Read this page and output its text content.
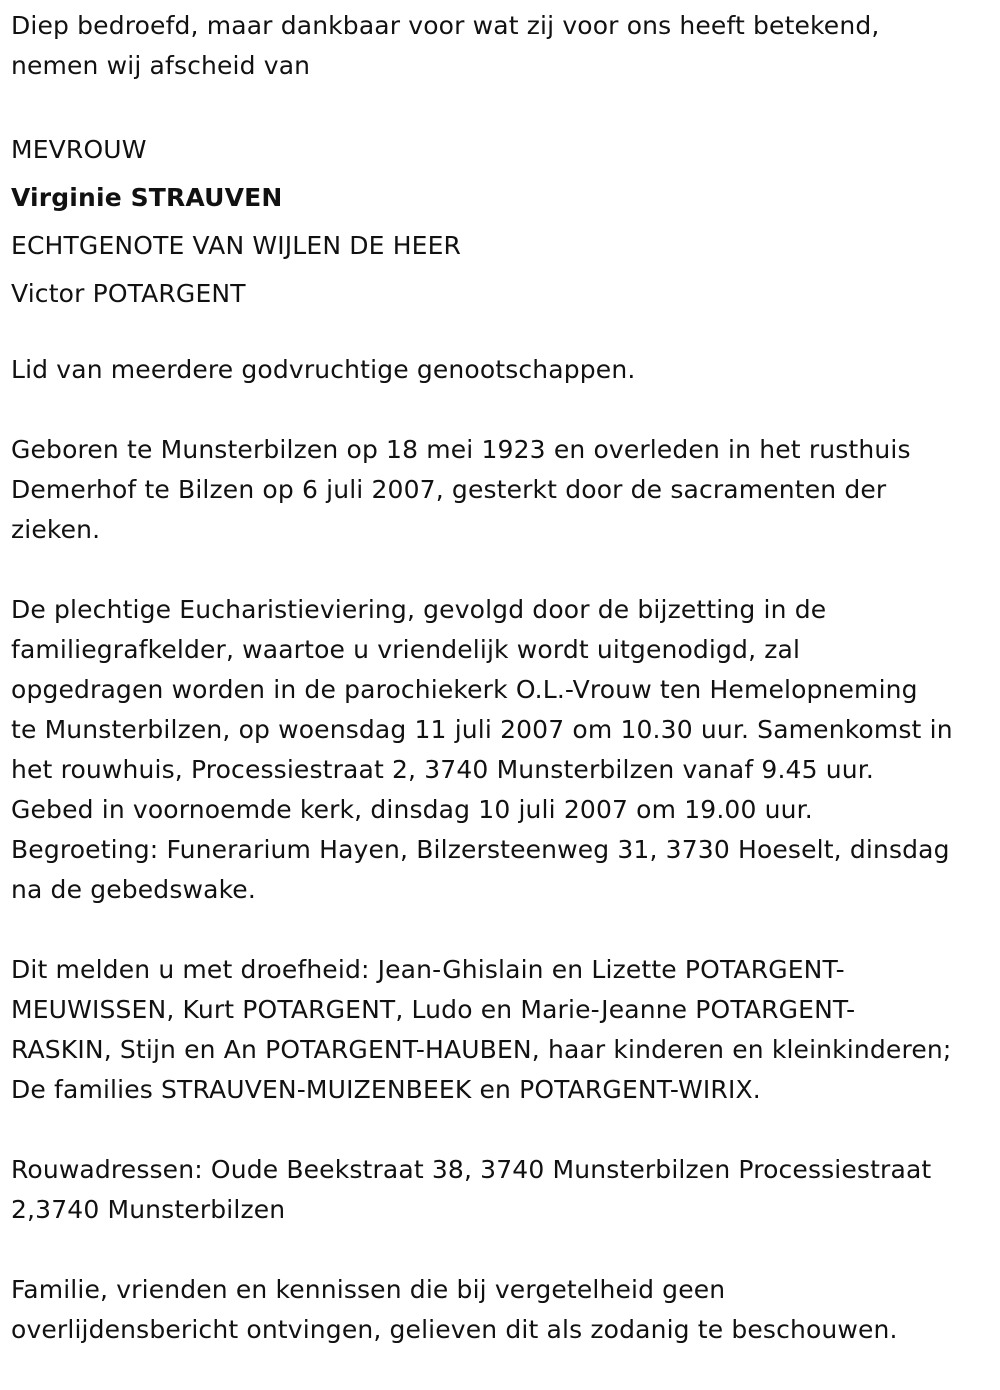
Diep bedroefd, maar dankbaar voor wat zij voor ons heeft betekend,
nemen wij afscheid van
MEVROUW
Virginie STRAUVEN
ECHTGENOTE VAN WIJLEN DE HEER
Victor POTARGENT
Lid van meerdere godvruchtige genootschappen.
Geboren te Munsterbilzen op 18 mei 1923 en overleden in het rusthuis
Demerhof te Bilzen op 6 juli 2007, gesterkt door de sacramenten der
zieken.
De plechtige Eucharistieviering, gevolgd door de bijzetting in de
familiegrafkelder, waartoe u vriendelijk wordt uitgenodigd, zal
opgedragen worden in de parochiekerk O.L.-Vrouw ten Hemelopneming
te Munsterbilzen, op woensdag 11 juli 2007 om 10.30 uur. Samenkomst in
het rouwhuis, Processiestraat 2, 3740 Munsterbilzen vanaf 9.45 uur.
Gebed in voornoemde kerk, dinsdag 10 juli 2007 om 19.00 uur.
Begroeting: Funerarium Hayen, Bilzersteenweg 31, 3730 Hoeselt, dinsdag
na de gebedswake.
Dit melden u met droefheid: Jean-Ghislain en Lizette POTARGENT-
MEUWISSEN, Kurt POTARGENT, Ludo en Marie-Jeanne POTARGENT-
RASKIN, Stijn en An POTARGENT-HAUBEN, haar kinderen en kleinkinderen;
De families STRAUVEN-MUIZENBEEK en POTARGENT-WIRIX.
Rouwadressen: Oude Beekstraat 38, 3740 Munsterbilzen Processiestraat
2,3740 Munsterbilzen
Familie, vrienden en kennissen die bij vergetelheid geen
overlijdensbericht ontvingen, gelieven dit als zodanig te beschouwen.
